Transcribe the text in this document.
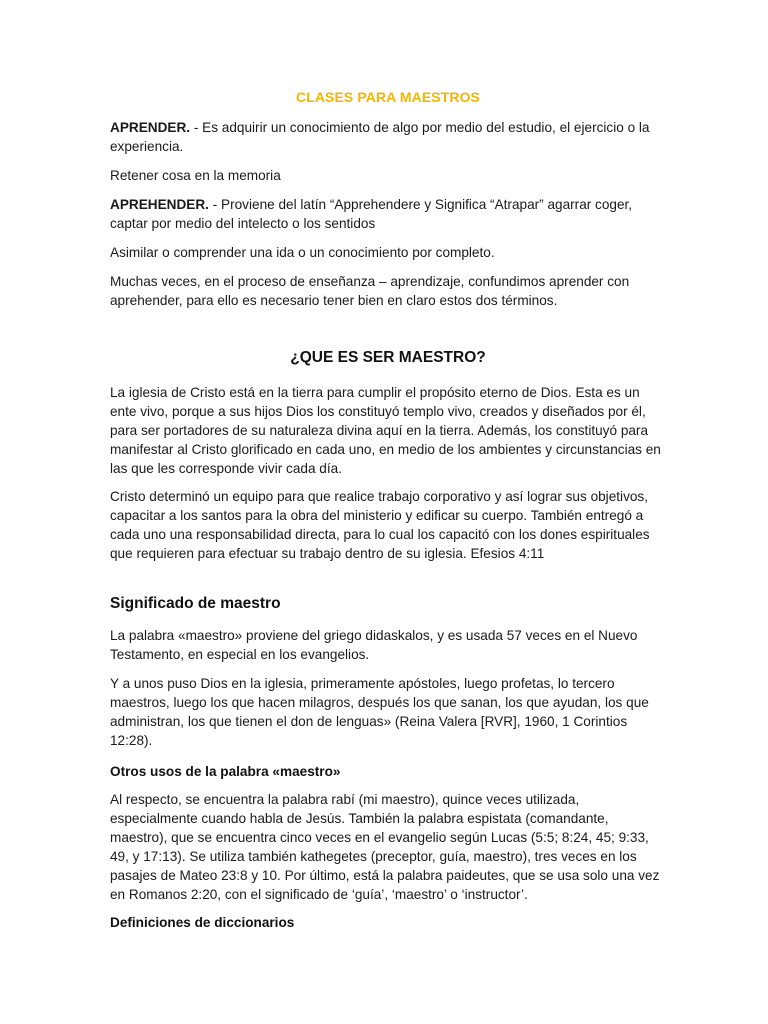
CLASES PARA MAESTROS

APRENDER. - Es adquirir un conocimiento de algo por medio del estudio, el ejercicio o la experiencia.

Retener cosa en la memoria

APREHENDER. - Proviene del latín “Apprehendere y Significa “Atrapar” agarrar coger, captar por medio del intelecto o los sentidos

Asimilar o comprender una ida o un conocimiento por completo.

Muchas veces, en el proceso de enseñanza – aprendizaje, confundimos aprender con aprehender, para ello es necesario tener bien en claro estos dos términos.

¿QUE ES SER MAESTRO?

La iglesia de Cristo está en la tierra para cumplir el propósito eterno de Dios. Esta es un ente vivo, porque a sus hijos Dios los constituyó templo vivo, creados y diseñados por él, para ser portadores de su naturaleza divina aquí en la tierra. Además, los constituyó para manifestar al Cristo glorificado en cada uno, en medio de los ambientes y circunstancias en las que les corresponde vivir cada día.

Cristo determinó un equipo para que realice trabajo corporativo y así lograr sus objetivos, capacitar a los santos para la obra del ministerio y edificar su cuerpo. También entregó a cada uno una responsabilidad directa, para lo cual los capacitó con los dones espirituales que requieren para efectuar su trabajo dentro de su iglesia. Efesios 4:11

Significado de maestro

La palabra «maestro» proviene del griego didaskalos, y es usada 57 veces en el Nuevo Testamento, en especial en los evangelios.

Y a unos puso Dios en la iglesia, primeramente apóstoles, luego profetas, lo tercero maestros, luego los que hacen milagros, después los que sanan, los que ayudan, los que administran, los que tienen el don de lenguas» (Reina Valera [RVR], 1960, 1 Corintios 12:28).

Otros usos de la palabra «maestro»

Al respecto, se encuentra la palabra rabí (mi maestro), quince veces utilizada, especialmente cuando habla de Jesús. También la palabra espistata (comandante, maestro), que se encuentra cinco veces en el evangelio según Lucas (5:5; 8:24, 45; 9:33, 49, y 17:13). Se utiliza también kathegetes (preceptor, guía, maestro), tres veces en los pasajes de Mateo 23:8 y 10. Por último, está la palabra paideutes, que se usa solo una vez en Romanos 2:20, con el significado de ‘guía’, ‘maestro’ o ‘instructor’.

Definiciones de diccionarios
